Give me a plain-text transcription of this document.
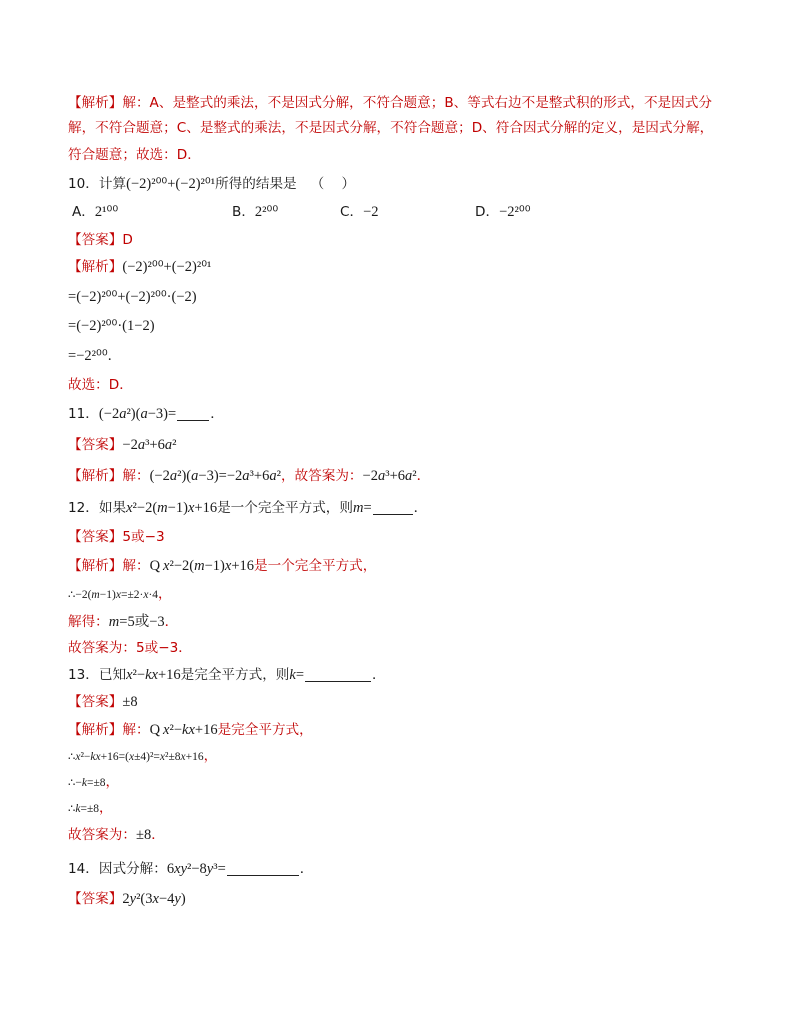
【解析】解：A、是整式的乘法，不是因式分解，不符合题意；B、等式右边不是整式积的形式，不是因式分
解，不符合题意；C、是整式的乘法，不是因式分解，不符合题意；D、符合因式分解的定义，是因式分解，
符合题意；故选：D．
10．计算(−2)²⁰⁰+(−2)²⁰¹所得的结果是 （    ）
A．2¹⁰⁰	B．2²⁰⁰	C．−2	D．−2²⁰⁰
【答案】D
【解析】(−2)²⁰⁰+(−2)²⁰¹
=(−2)²⁰⁰+(−2)²⁰⁰·(−2)
=(−2)²⁰⁰·(1−2)
=−2²⁰⁰．
故选：D．
11．(−2a²)(a−3)=	．
【答案】−2a³+6a²
【解析】解：(−2a²)(a−3)=−2a³+6a²，故答案为：−2a³+6a²．
12．如果x²−2(m−1)x+16是一个完全平方式，则m=	．
【答案】5或−3
【解析】解：Q x²−2(m−1)x+16是一个完全平方式，
∴−2(m−1)x=±2·x·4，
解得：m=5或−3．
故答案为：5或−3．
13．已知x²−kx+16是完全平方式，则k=	．
【答案】±8
【解析】解：Q x²−kx+16是完全平方式，
∴x²−kx+16=(x±4)²=x²±8x+16，
∴−k=±8，
∴k=±8，
故答案为：±8．
14．因式分解：6xy²−8y³=	．
【答案】2y²(3x−4y)
